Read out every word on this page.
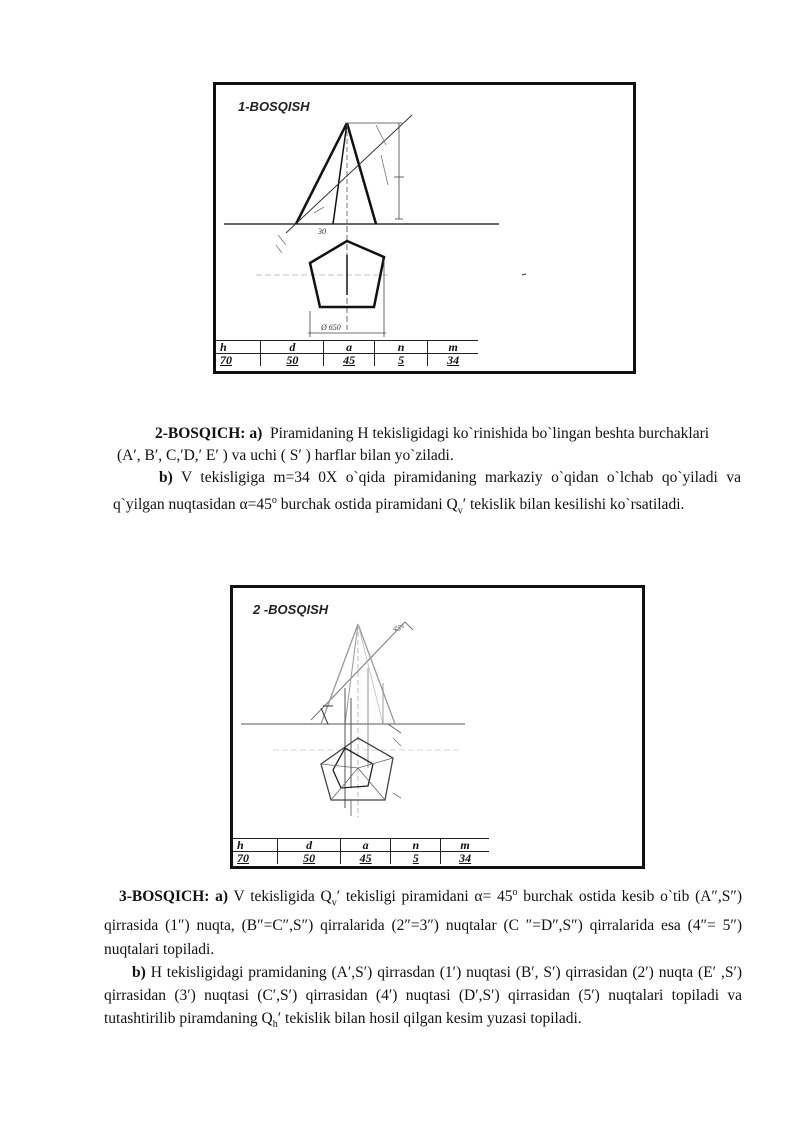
1-BOSQISH
30
Ø 650
h	d	a	n	m
70	50	45	5	34
2-BOSQICH: a) Piramidaning H tekisligidagi ko`rinishida bo`lingan beshta burchaklari
(A′, B′, C,′D,′ E′ ) va uchi ( S′ ) harflar bilan yo`ziladi.
b) V tekisligiga m=34 0X o`qida piramidaning markaziy o`qidan o`lchab qo`yiladi va q`yilgan nuqtasidan $\alpha=45^o$ burchak ostida piramidani $Q_v'$ tekislik bilan kesilishi ko`rsatiladi.
2 -BOSQISH
45°
h	d	a	n	m
70	50	45	5	34
3-BOSQICH: a) V tekisligida $Q_v'$ tekisligi piramidani $\alpha= 45^o$ burchak ostida kesib o`tib (A″,S″) qirrasida (1″) nuqta, (B″=C″,S″) qirralarida (2″=3″) nuqtalar (C ″=D″,S″) qirralarida esa (4″= 5″) nuqtalari topiladi.
b) H tekisligidagi pramidaning (A′,S′) qirrasdan (1′) nuqtasi (B′, S′) qirrasidan (2′) nuqta (E′ ,S′) qirrasidan (3′) nuqtasi (C′,S′) qirrasidan (4′) nuqtasi (D′,S′) qirrasidan (5′) nuqtalari topiladi va tutashtirilib piramdaning $Q_h'$ tekislik bilan hosil qilgan kesim yuzasi topiladi.
